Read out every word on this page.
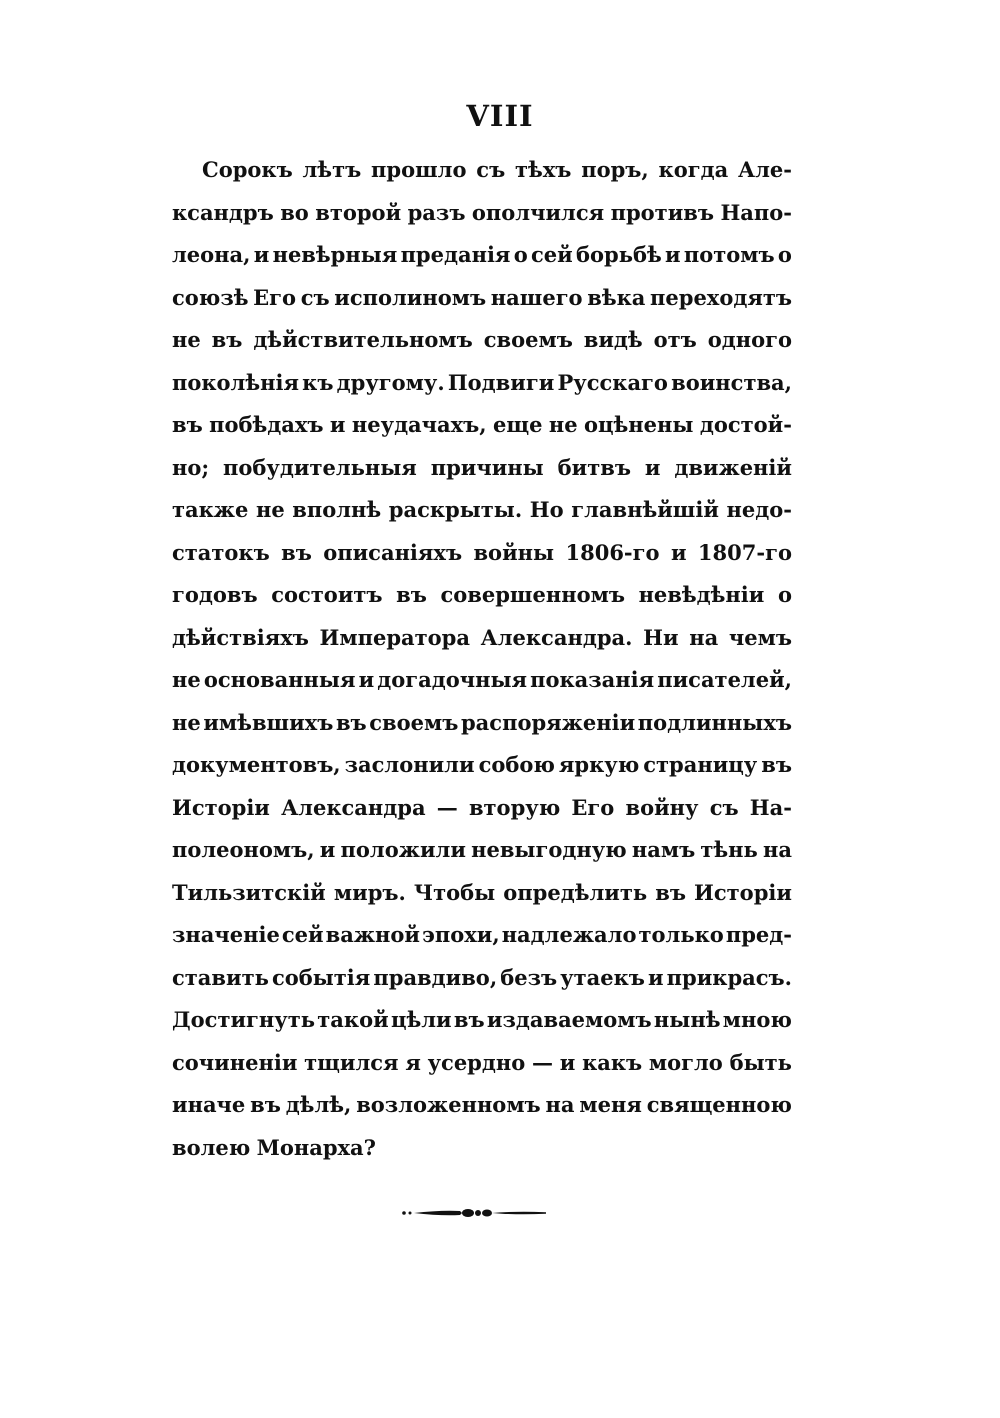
VIII
Сорокъ лѣтъ прошло съ тѣхъ поръ, когда Але-
ксандръ во второй разъ ополчился противъ Напо-
леона, и невѣрныя преданія о сей борьбѣ и потомъ о
союзѣ Его съ исполиномъ нашего вѣка переходятъ
не въ дѣйствительномъ своемъ видѣ отъ одного
поколѣнія къ другому. Подвиги Русскаго воинства,
въ побѣдахъ и неудачахъ, еще не оцѣнены достой-
но; побудительныя причины битвъ и движеній
также не вполнѣ раскрыты. Но главнѣйшій недо-
статокъ въ описаніяхъ войны 1806-го и 1807-го
годовъ состоитъ въ совершенномъ невѣдѣніи о
дѣйствіяхъ Императора Александра. Ни на чемъ
не основанныя и догадочныя показанія писателей,
не имѣвшихъ въ своемъ распоряженіи подлинныхъ
документовъ, заслонили собою яркую страницу въ
Исторіи Александра — вторую Его войну съ На-
полеономъ, и положили невыгодную намъ тѣнь на
Тильзитскій миръ. Чтобы опредѣлить въ Исторіи
значеніе сей важной эпохи, надлежало только пред-
ставить событія правдиво, безъ утаекъ и прикрасъ.
Достигнуть такой цѣли въ издаваемомъ нынѣ мною
сочиненіи тщился я усердно — и какъ могло быть
иначе въ дѣлѣ, возложенномъ на меня священною
волею Монарха?
